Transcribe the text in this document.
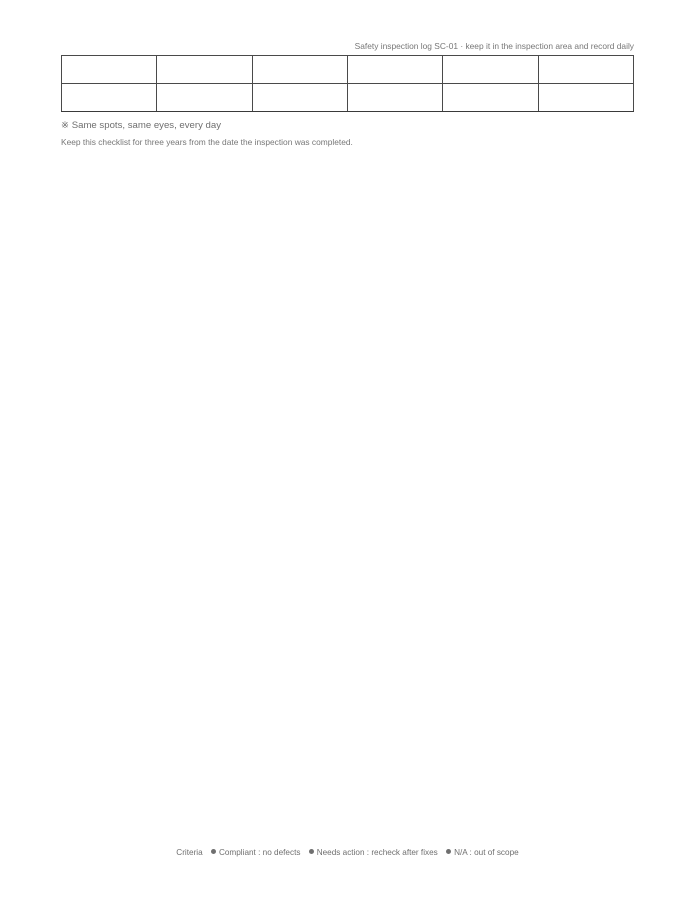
Safety inspection log SC-01 · keep it in the inspection area and record daily

※ Same spots, same eyes, every day
Keep this checklist for three years from the date the inspection was completed.
Criteria Compliant : no defects Needs action : recheck after fixes N/A : out of scope
